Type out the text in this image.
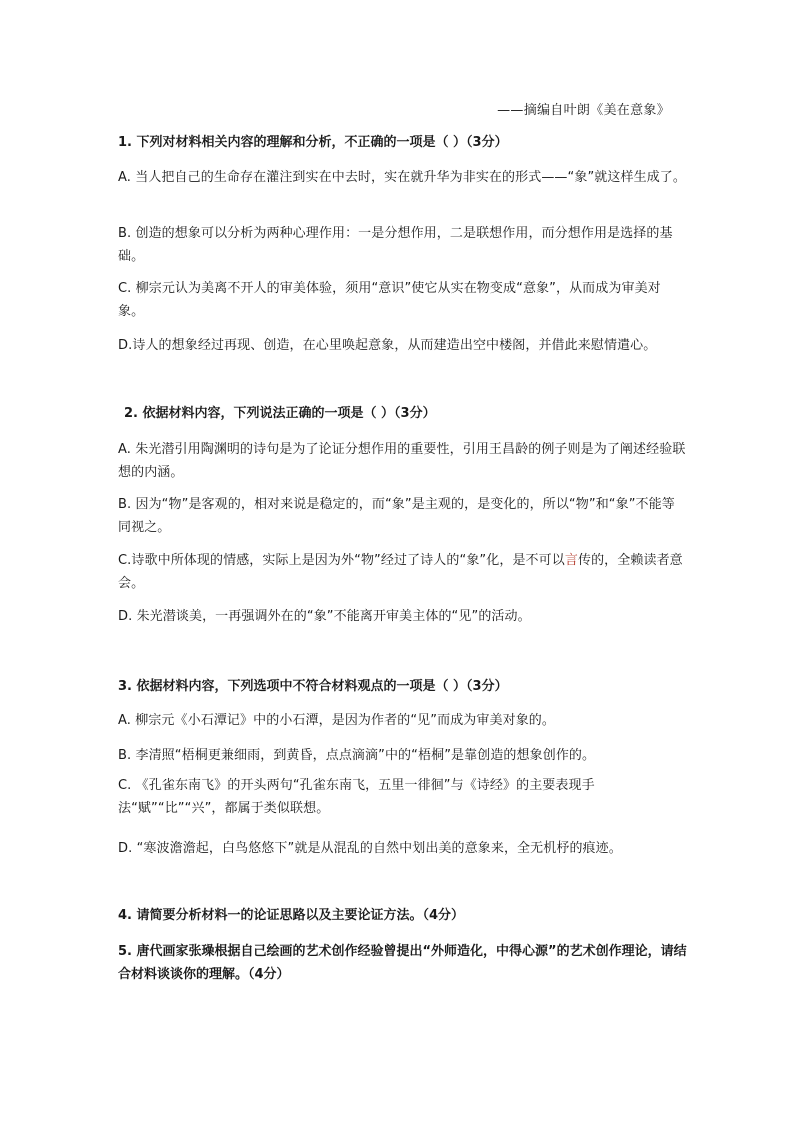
——摘编自叶朗《美在意象》
1. 下列对材料相关内容的理解和分析，不正确的一项是（ ）（3分）
A. 当人把自己的生命存在灌注到实在中去时，实在就升华为非实在的形式——“象”就这样生成了。
B. 创造的想象可以分析为两种心理作用：一是分想作用，二是联想作用，而分想作用是选择的基础。
C. 柳宗元认为美离不开人的审美体验，须用“意识”使它从实在物变成“意象”，从而成为审美对象。
D.诗人的想象经过再现、创造，在心里唤起意象，从而建造出空中楼阁，并借此来慰情遣心。
2. 依据材料内容，下列说法正确的一项是（ ）（3分）
A. 朱光潜引用陶渊明的诗句是为了论证分想作用的重要性，引用王昌龄的例子则是为了阐述经验联想的内涵。
B. 因为“物”是客观的，相对来说是稳定的，而“象”是主观的，是变化的，所以“物”和“象”不能等同视之。
C.诗歌中所体现的情感，实际上是因为外“物”经过了诗人的“象”化，是不可以言传的，全赖读者意会。
D. 朱光潜谈美，一再强调外在的“象”不能离开审美主体的“见”的活动。
3. 依据材料内容，下列选项中不符合材料观点的一项是（ ）（3分）
A. 柳宗元《小石潭记》中的小石潭，是因为作者的“见”而成为审美对象的。
B. 李清照“梧桐更兼细雨，到黄昏，点点滴滴”中的“梧桐”是靠创造的想象创作的。
C. 《孔雀东南飞》的开头两句“孔雀东南飞，五里一徘徊”与《诗经》的主要表现手法“赋”“比”“兴”，都属于类似联想。
D. “寒波澹澹起，白鸟悠悠下”就是从混乱的自然中划出美的意象来，全无机杼的痕迹。
4. 请简要分析材料一的论证思路以及主要论证方法。（4分）
5. 唐代画家张璪根据自己绘画的艺术创作经验曾提出“外师造化，中得心源”的艺术创作理论，请结合材料谈谈你的理解。（4分）
